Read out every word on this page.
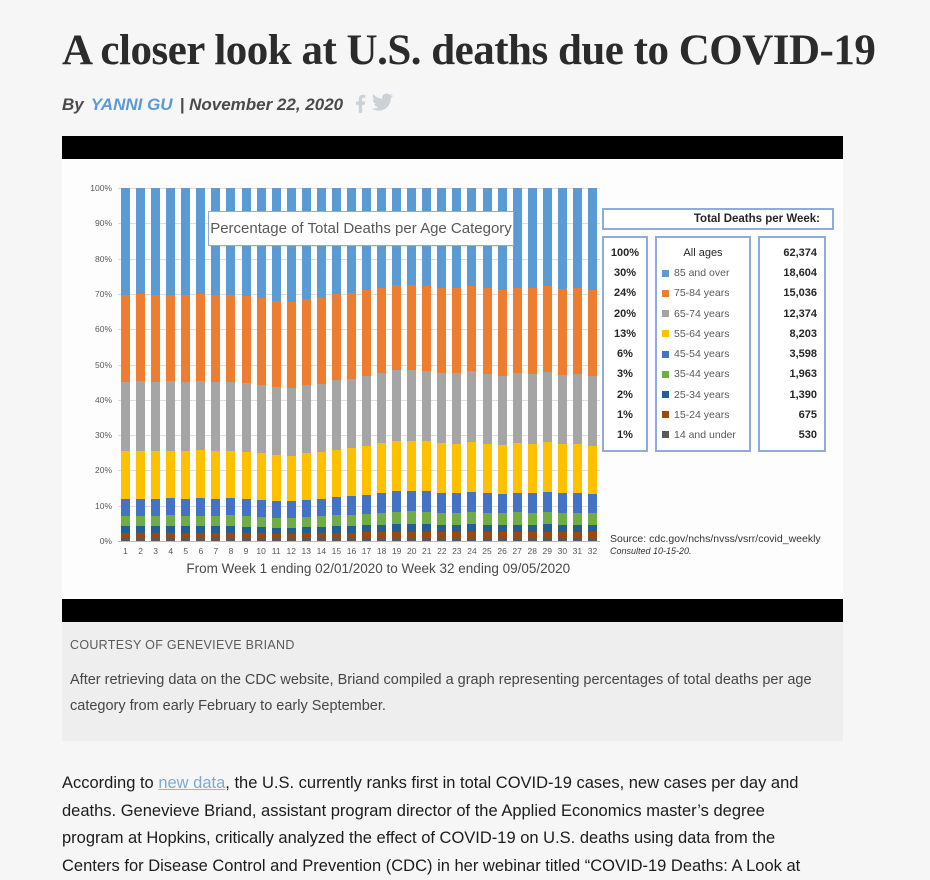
A closer look at U.S. deaths due to COVID-19
By YANNI GU | November 22, 2020
1 2 3 4 5 6 7 8 9 10 11 12 13 14 15 16 17 18 19 20 21 22 23 24 25 26 27 28 29 30 31 32
From Week 1 ending 02/01/2020 to Week 32 ending 09/05/2020
Percentage of Total Deaths per Age Category
100%
90%
80%
70%
60%
50%
40%
30%
20%
10%
0%
Total Deaths per Week:
100%
30%
24%
20%
13%
6%
3%
2%
1%
1%
All ages
85 and over
75-84 years
65-74 years
55-64 years
45-54 years
35-44 years
25-34 years
15-24 years
14 and under
62,374
18,604
15,036
12,374
8,203
3,598
1,963
1,390
675
530
Source: cdc.gov/nchs/nvss/vsrr/covid_weekly
Consulted 10-15-20.
COURTESY OF GENEVIEVE BRIAND
After retrieving data on the CDC website, Briand compiled a graph representing percentages of total deaths per age
category from early February to early September.
According to new data, the U.S. currently ranks first in total COVID-19 cases, new cases per day and
deaths. Genevieve Briand, assistant program director of the Applied Economics master’s degree
program at Hopkins, critically analyzed the effect of COVID-19 on U.S. deaths using data from the
Centers for Disease Control and Prevention (CDC) in her webinar titled “COVID-19 Deaths: A Look at
